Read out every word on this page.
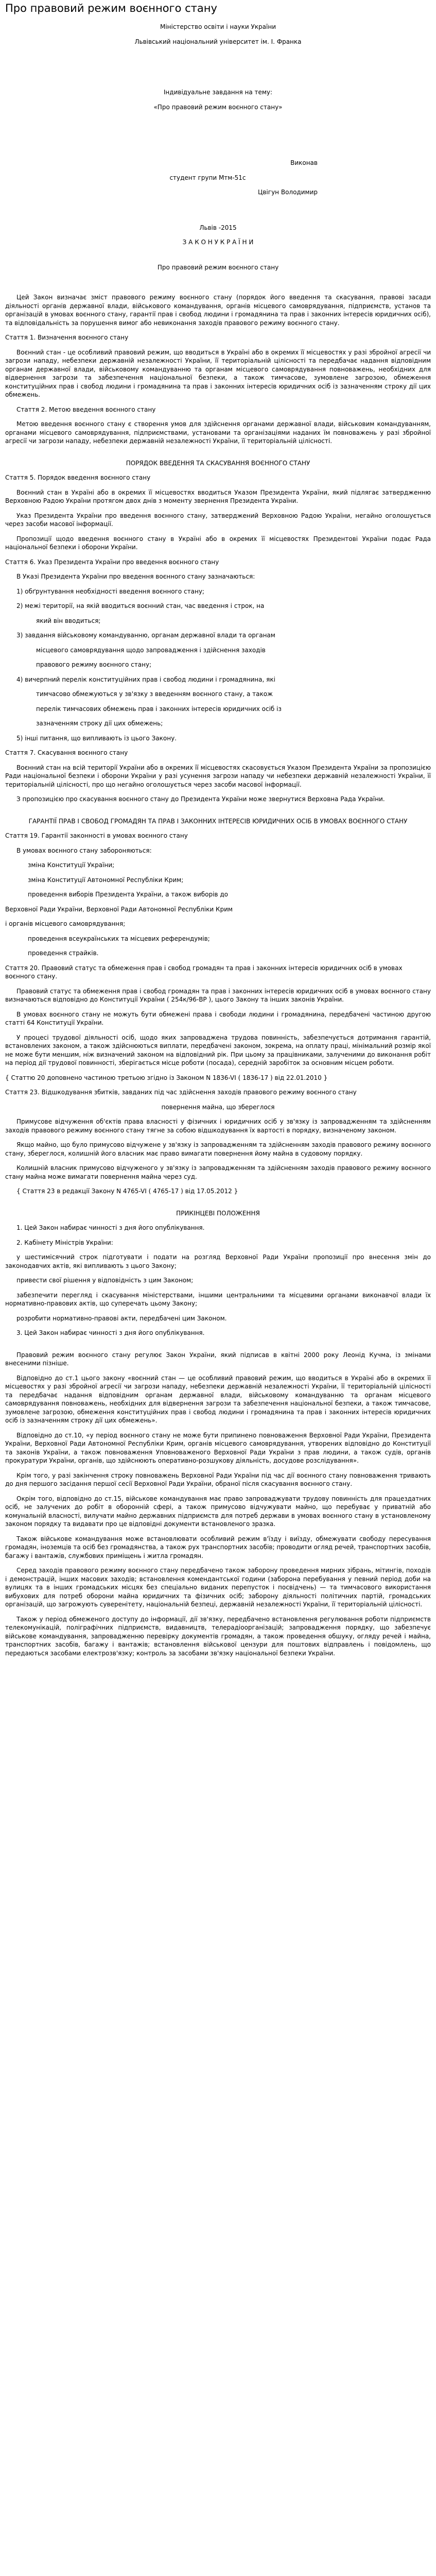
Про правовий режим воєнного стану

Міністерство освіти і науки України

Львівський національний університет ім. І. Франка

Індивідуальне завдання на тему:

«Про правовий режим воєнного стану»

Виконав

студент групи Мтм-51с

Цвігун Володимир

Львів -2015

З А К О Н У К Р А Ї Н И

Про правовий режим воєнного стану

Цей Закон визначає зміст правового режиму воєнного стану (порядок його введення та скасування, правові засади діяльності органів державної влади, військового командування, органів місцевого самоврядування, підприємств, установ та організацій в умовах воєнного стану, гарантії прав і свобод людини і громадянина та прав і законних інтересів юридичних осіб), та відповідальність за порушення вимог або невиконання заходів правового режиму воєнного стану.

Стаття 1. Визначення воєнного стану

Воєнний стан - це особливий правовий режим, що вводиться в Україні або в окремих її місцевостях у разі збройної агресії чи загрози нападу, небезпеки державній незалежності України, її територіальній цілісності та передбачає надання відповідним органам державної влади, військовому командуванню та органам місцевого самоврядування повноважень, необхідних для відвернення загрози та забезпечення національної безпеки, а також тимчасове, зумовлене загрозою, обмеження конституційних прав і свобод людини і громадянина та прав і законних інтересів юридичних осіб із зазначенням строку дії цих обмежень.

Стаття 2. Метою введення воєнного стану

Метою введення воєнного стану є створення умов для здійснення органами державної влади, військовим командуванням, органами місцевого самоврядування, підприємствами, установами та організаціями наданих їм повноважень у разі збройної агресії чи загрози нападу, небезпеки державній незалежності України, її територіальній цілісності.

ПОРЯДОК ВВЕДЕННЯ ТА СКАСУВАННЯ ВОЄННОГО СТАНУ

Стаття 5. Порядок введення воєнного стану

Воєнний стан в Україні або в окремих її місцевостях вводиться Указом Президента України, який підлягає затвердженню Верховною Радою України протягом двох днів з моменту звернення Президента України.

Указ Президента України про введення воєнного стану, затверджений Верховною Радою України, негайно оголошується через засоби масової інформації.

Пропозиції щодо введення воєнного стану в Україні або в окремих її місцевостях Президентові України подає Рада національної безпеки і оборони України.

Стаття 6. Указ Президента України про введення воєнного стану

В Указі Президента України про введення воєнного стану зазначаються:

1) обґрунтування необхідності введення воєнного стану;

2) межі території, на якій вводиться воєнний стан, час введення і строк, на

який він вводиться;

3) завдання військовому командуванню, органам державної влади та органам

місцевого самоврядування щодо запровадження і здійснення заходів

правового режиму воєнного стану;

4) вичерпний перелік конституційних прав і свобод людини і громадянина, які

тимчасово обмежуються у зв'язку з введенням воєнного стану, а також

перелік тимчасових обмежень прав і законних інтересів юридичних осіб із

зазначенням строку дії цих обмежень;

5) інші питання, що випливають із цього Закону.

Стаття 7. Скасування воєнного стану

Воєнний стан на всій території України або в окремих її місцевостях скасовується Указом Президента України за пропозицією Ради національної безпеки і оборони України у разі усунення загрози нападу чи небезпеки державній незалежності України, її територіальній цілісності, про що негайно оголошується через засоби масової інформації.

З пропозицією про скасування воєнного стану до Президента України може звернутися Верховна Рада України.

ГАРАНТІЇ ПРАВ І СВОБОД ГРОМАДЯН ТА ПРАВ І ЗАКОННИХ ІНТЕРЕСІВ ЮРИДИЧНИХ ОСІБ В УМОВАХ ВОЄННОГО СТАНУ

Стаття 19. Гарантії законності в умовах воєнного стану

В умовах воєнного стану забороняються:

зміна Конституції України;

зміна Конституції Автономної Республіки Крим;

проведення виборів Президента України, а також виборів до

Верховної Ради України, Верховної Ради Автономної Республіки Крим

і органів місцевого самоврядування;

проведення всеукраїнських та місцевих референдумів;

проведення страйків.

Стаття 20. Правовий статус та обмеження прав і свобод громадян та прав і законних інтересів юридичних осіб в умовах воєнного стану.

Правовий статус та обмеження прав і свобод громадян та прав і законних інтересів юридичних осіб в умовах воєнного стану визначаються відповідно до Конституції України ( 254к/96-ВР ), цього Закону та інших законів України.

В умовах воєнного стану не можуть бути обмежені права і свободи людини і громадянина, передбачені частиною другою статті 64 Конституції України.

У процесі трудової діяльності осіб, щодо яких запроваджена трудова повинність, забезпечується дотримання гарантій, встановлених законом, а також здійснюються виплати, передбачені законом, зокрема, на оплату праці, мінімальний розмір якої не може бути меншим, ніж визначений законом на відповідний рік. При цьому за працівниками, залученими до виконання робіт на період дії трудової повинності, зберігається місце роботи (посада), середній заробіток за основним місцем роботи.

{ Статтю 20 доповнено частиною третьою згідно із Законом N 1836-VI ( 1836-17 ) від 22.01.2010 }

Стаття 23. Відшкодування збитків, завданих під час здійснення заходів правового режиму воєнного стану

повернення майна, що збереглося

Примусове відчуження об'єктів права власності у фізичних і юридичних осіб у зв'язку із запровадженням та здійсненням заходів правового режиму воєнного стану тягне за собою відшкодування їх вартості в порядку, визначеному законом.

Якщо майно, що було примусово відчужене у зв'язку із запровадженням та здійсненням заходів правового режиму воєнного стану, збереглося, колишній його власник має право вимагати повернення йому майна в судовому порядку.

Колишній власник примусово відчуженого у зв'язку із запровадженням та здійсненням заходів правового режиму воєнного стану майна може вимагати повернення майна через суд.

{ Стаття 23 в редакції Закону N 4765-VI ( 4765-17 ) від 17.05.2012 }

ПРИКІНЦЕВІ ПОЛОЖЕННЯ

1. Цей Закон набирає чинності з дня його опублікування.

2. Кабінету Міністрів України:

у шестимісячний строк підготувати і подати на розгляд Верховної Ради України пропозиції про внесення змін до законодавчих актів, які випливають з цього Закону;

привести свої рішення у відповідність з цим Законом;

забезпечити перегляд і скасування міністерствами, іншими центральними та місцевими органами виконавчої влади їх нормативно-правових актів, що суперечать цьому Закону;

розробити нормативно-правові акти, передбачені цим Законом.

3. Цей Закон набирає чинності з дня його опублікування.

Правовий режим воєнного стану регулює Закон України, який підписав в квітні 2000 року Леонід Кучма, із змінами внесеними пізніше.

Відповідно до ст.1 цього закону «воєнний стан — це особливий правовий режим, що вводиться в Україні або в окремих її місцевостях у разі збройної агресії чи загрози нападу, небезпеки державній незалежності України, її територіальній цілісності та передбачає надання відповідним органам державної влади, військовому командуванню та органам місцевого самоврядування повноважень, необхідних для відвернення загрози та забезпечення національної безпеки, а також тимчасове, зумовлене загрозою, обмеження конституційних прав і свобод людини і громадянина та прав і законних інтересів юридичних осіб із зазначенням строку дії цих обмежень».

Відповідно до ст.10, «у період воєнного стану не може бути припинено повноваження Верховної Ради України, Президента України, Верховної Ради Автономної Республіки Крим, органів місцевого самоврядування, утворених відповідно до Конституції та законів України, а також повноваження Уповноваженого Верховної Ради України з прав людини, а також судів, органів прокуратури України, органів, що здійснюють оперативно-розшукову діяльність, досудове розслідування».

Крім того, у разі закінчення строку повноважень Верховної Ради України під час дії воєнного стану повноваження тривають до дня першого засідання першої сесії Верховної Ради України, обраної після скасування воєнного стану.

Окрім того, відповідно до ст.15, військове командування має право запроваджувати трудову повинність для працездатних осіб, не залучених до робіт в оборонній сфері, а також примусово відчужувати майно, що перебуває у приватній або комунальній власності, вилучати майно державних підприємств для потреб держави в умовах воєнного стану в установленому законом порядку та видавати про це відповідні документи встановленого зразка.

Також військове командування може встановлювати особливий режим в'їзду і виїзду, обмежувати свободу пересування громадян, іноземців та осіб без громадянства, а також рух транспортних засобів; проводити огляд речей, транспортних засобів, багажу і вантажів, службових приміщень і житла громадян.

Серед заходів правового режиму воєнного стану передбачено також заборону проведення мирних зібрань, мітингів, походів і демонстрацій, інших масових заходів; встановлення комендантської години (заборона перебування у певний період доби на вулицях та в інших громадських місцях без спеціально виданих перепусток і посвідчень) — та тимчасового використання вибухових для потреб оборони майна юридичних та фізичних осіб; заборону діяльності політичних партій, громадських організацій, що загрожують суверенітету, національній безпеці, державній незалежності України, її територіальній цілісності.

Також у період обмеженого доступу до інформації, дії зв'язку, передбачено встановлення регулювання роботи підприємств телекомунікацій, поліграфічних підприємств, видавництв, телерадіоорганізацій; запровадження порядку, що забезпечує військове командування, запровадженню перевірку документів громадян, а також проведення обшуку, огляду речей і майна, транспортних засобів, багажу і вантажів; встановлення військової цензури для поштових відправлень і повідомлень, що передаються засобами електрозв'язку; контроль за засобами зв'язку національної безпеки України.
